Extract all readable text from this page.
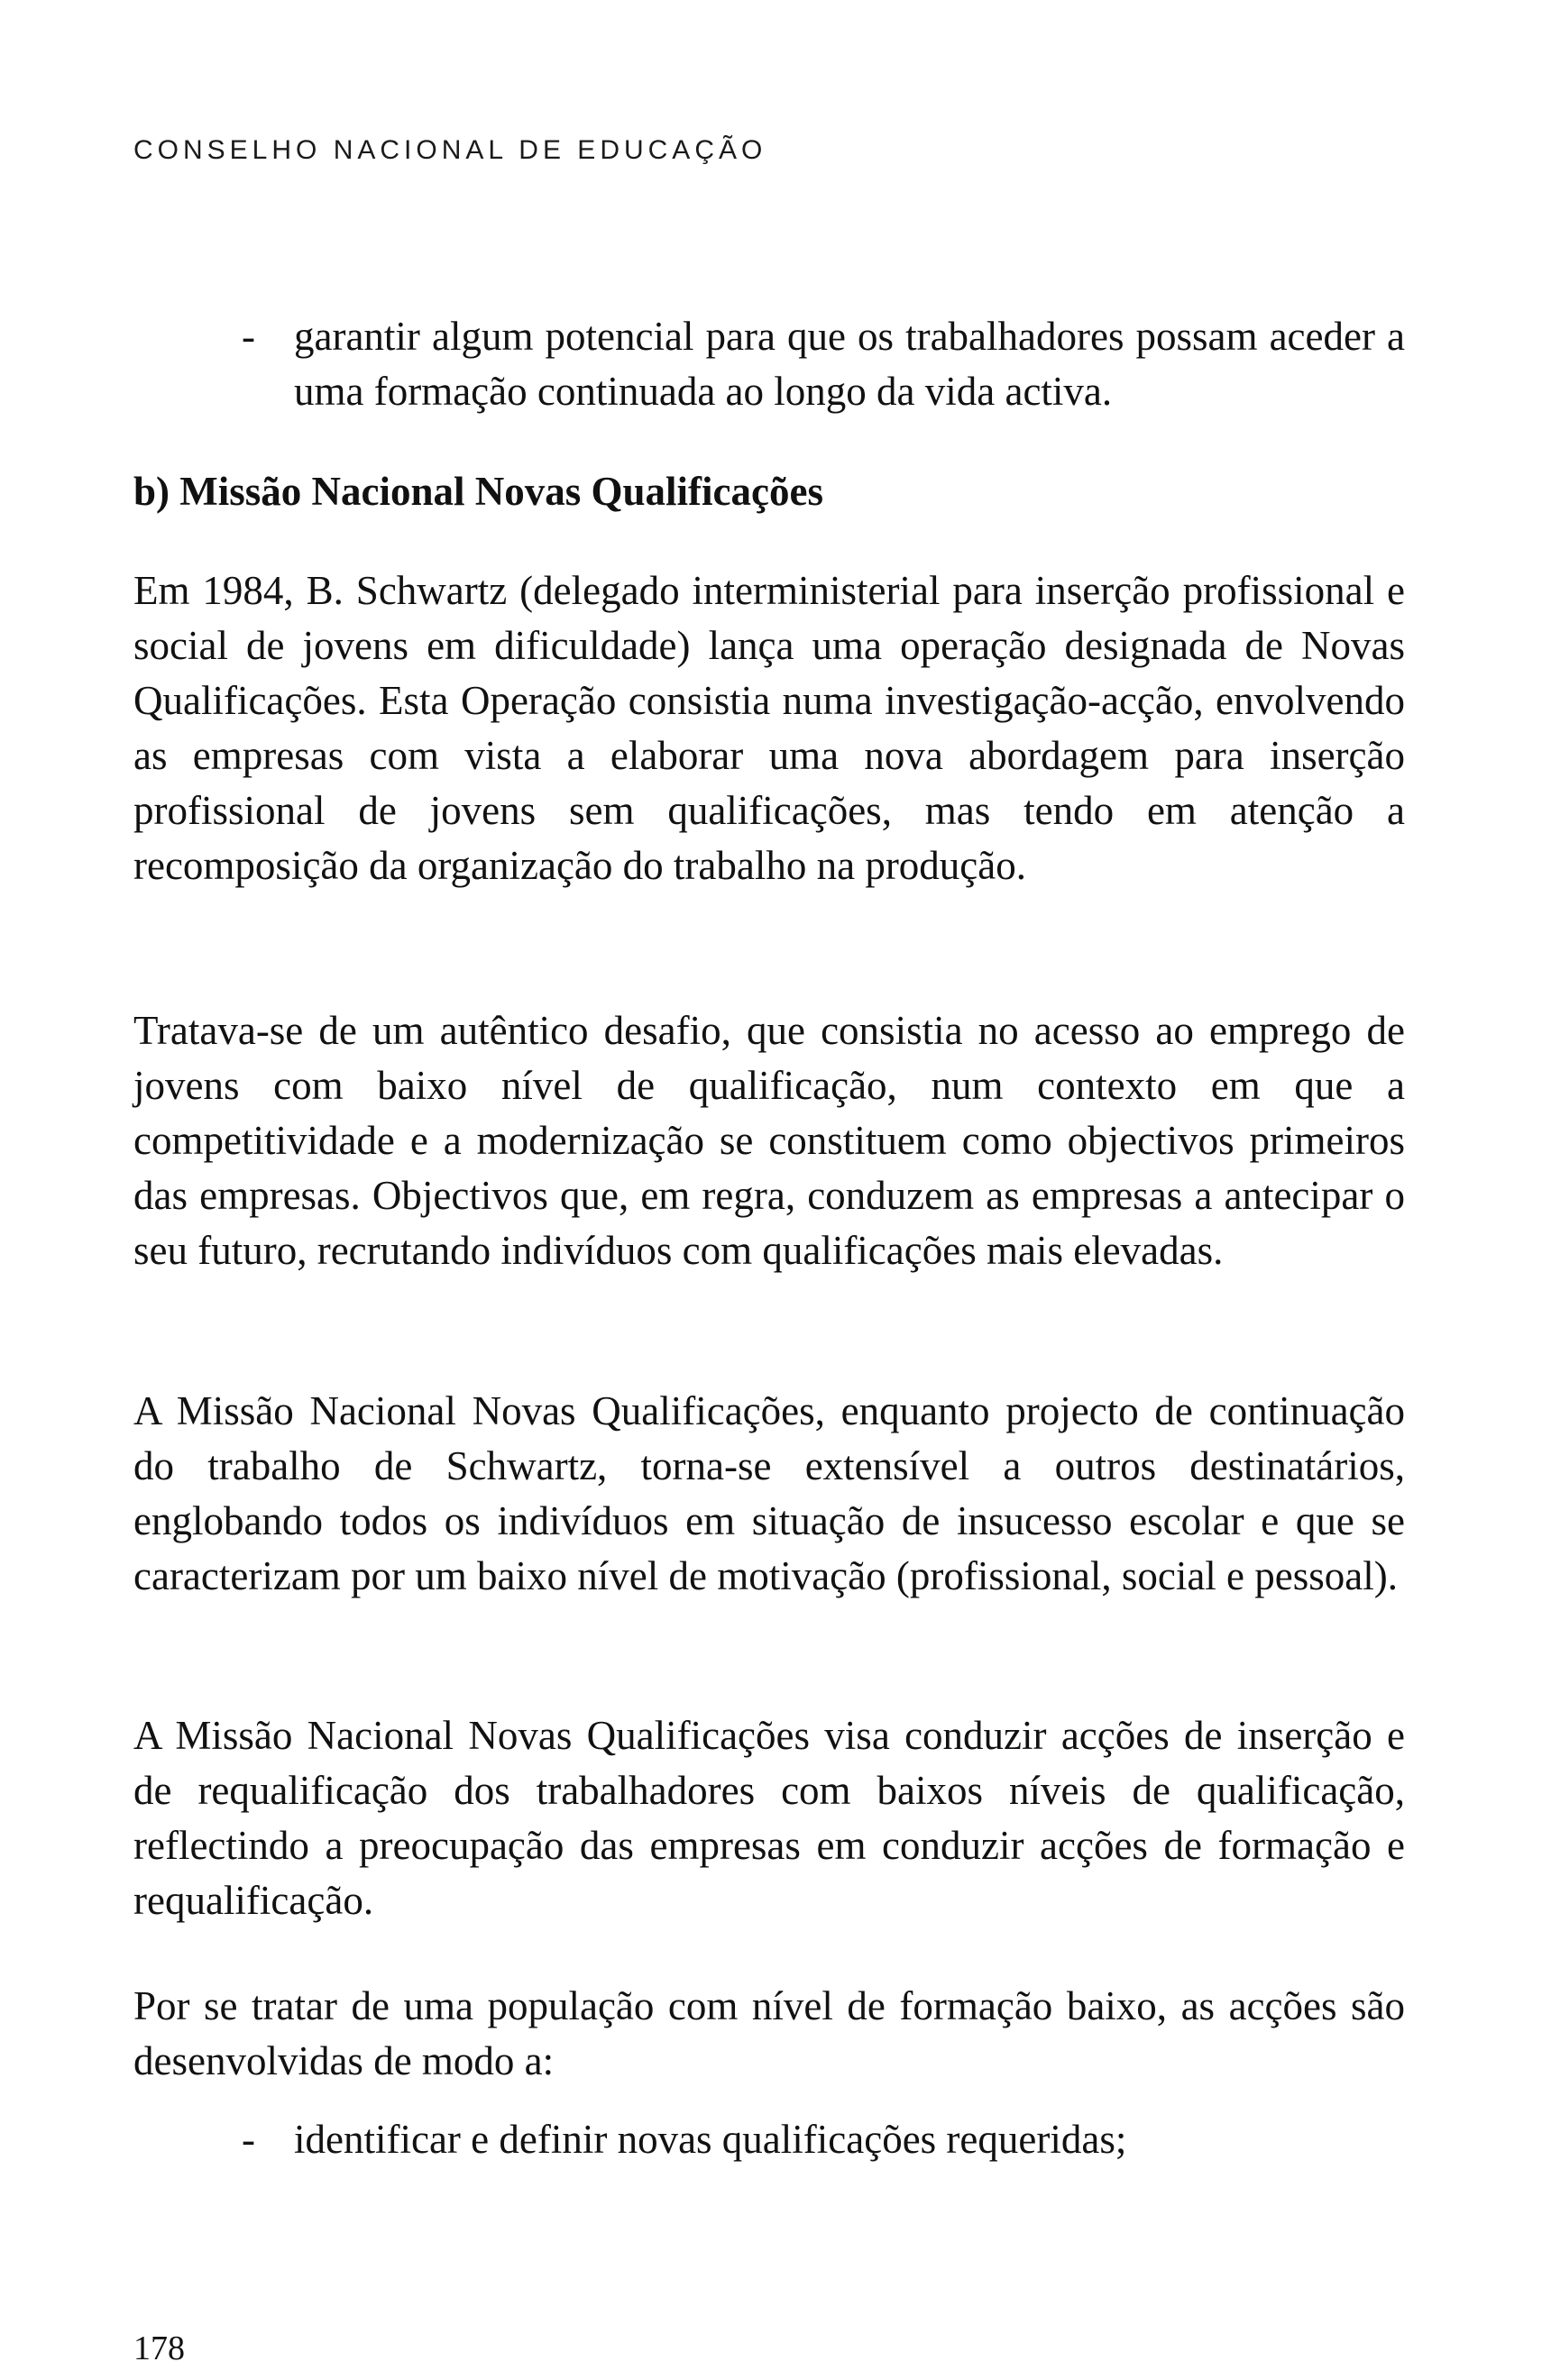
CONSELHO NACIONAL DE EDUCAÇÃO
- garantir algum potencial para que os trabalhadores possam aceder a uma formação continuada ao longo da vida activa.
b) Missão Nacional Novas Qualificações

Em 1984, B. Schwartz (delegado interministerial para inserção profissional e social de jovens em dificuldade) lança uma operação designada de Novas Qualificações. Esta Operação consistia numa investigação-acção, envolvendo as empresas com vista a elaborar uma nova abordagem para inserção profissional de jovens sem qualificações, mas tendo em atenção a recomposição da organização do trabalho na produção.

Tratava-se de um autêntico desafio, que consistia no acesso ao emprego de jovens com baixo nível de qualificação, num contexto em que a competitividade e a modernização se constituem como objectivos primeiros das empresas. Objectivos que, em regra, conduzem as empresas a antecipar o seu futuro, recrutando indivíduos com qualificações mais elevadas.

A Missão Nacional Novas Qualificações, enquanto projecto de continuação do trabalho de Schwartz, torna-se extensível a outros destinatários, englobando todos os indivíduos em situação de insucesso escolar e que se caracterizam por um baixo nível de motivação (profissional, social e pessoal).

A Missão Nacional Novas Qualificações visa conduzir acções de inserção e de requalificação dos trabalhadores com baixos níveis de qualificação, reflectindo a preocupação das empresas em conduzir acções de formação e requalificação.

Por se tratar de uma população com nível de formação baixo, as acções são desenvolvidas de modo a:

- identificar e definir novas qualificações requeridas;
178
